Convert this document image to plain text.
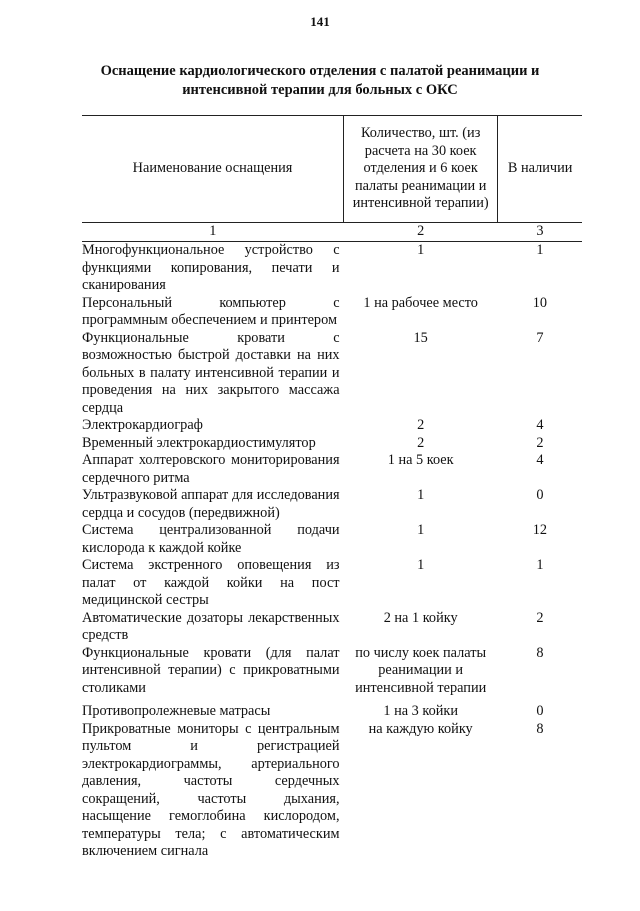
141
Оснащение кардиологического отделения с палатой реанимации и интенсивной терапии для больных с ОКС
Наименование оснащения	Количество, шт. (из расчета на 30 коек отделения и 6 коек палаты реанимации и интенсивной терапии)	В наличии
1	2	3
Многофункциональное устройство с функциями копирования, печати и сканирования	1	1
Персональный компьютер с программным обеспечением и принтером	1 на рабочее место	10
Функциональные кровати с возможностью быстрой доставки на них больных в палату интенсивной терапии и проведения на них закрытого массажа сердца	15	7
Электрокардиограф	2	4
Временный электрокардиостимулятор	2	2
Аппарат холтеровского мониторирования сердечного ритма	1 на 5 коек	4
Ультразвуковой аппарат для исследования сердца и сосудов (передвижной)	1	0
Система централизованной подачи кислорода к каждой койке	1	12
Система экстренного оповещения из палат от каждой койки на пост медицинской сестры	1	1
Автоматические дозаторы лекарственных средств	2 на 1 койку	2
Функциональные кровати (для палат интенсивной терапии) с прикроватными столиками	по числу коек палаты реанимации и интенсивной терапии	8
Противопролежневые матрасы	1 на 3 койки	0
Прикроватные мониторы с центральным пультом и регистрацией электрокардиограммы, артериального давления, частоты сердечных сокращений, частоты дыхания, насыщение гемоглобина кислородом, температуры тела; с автоматическим включением сигнала	на каждую койку	8
